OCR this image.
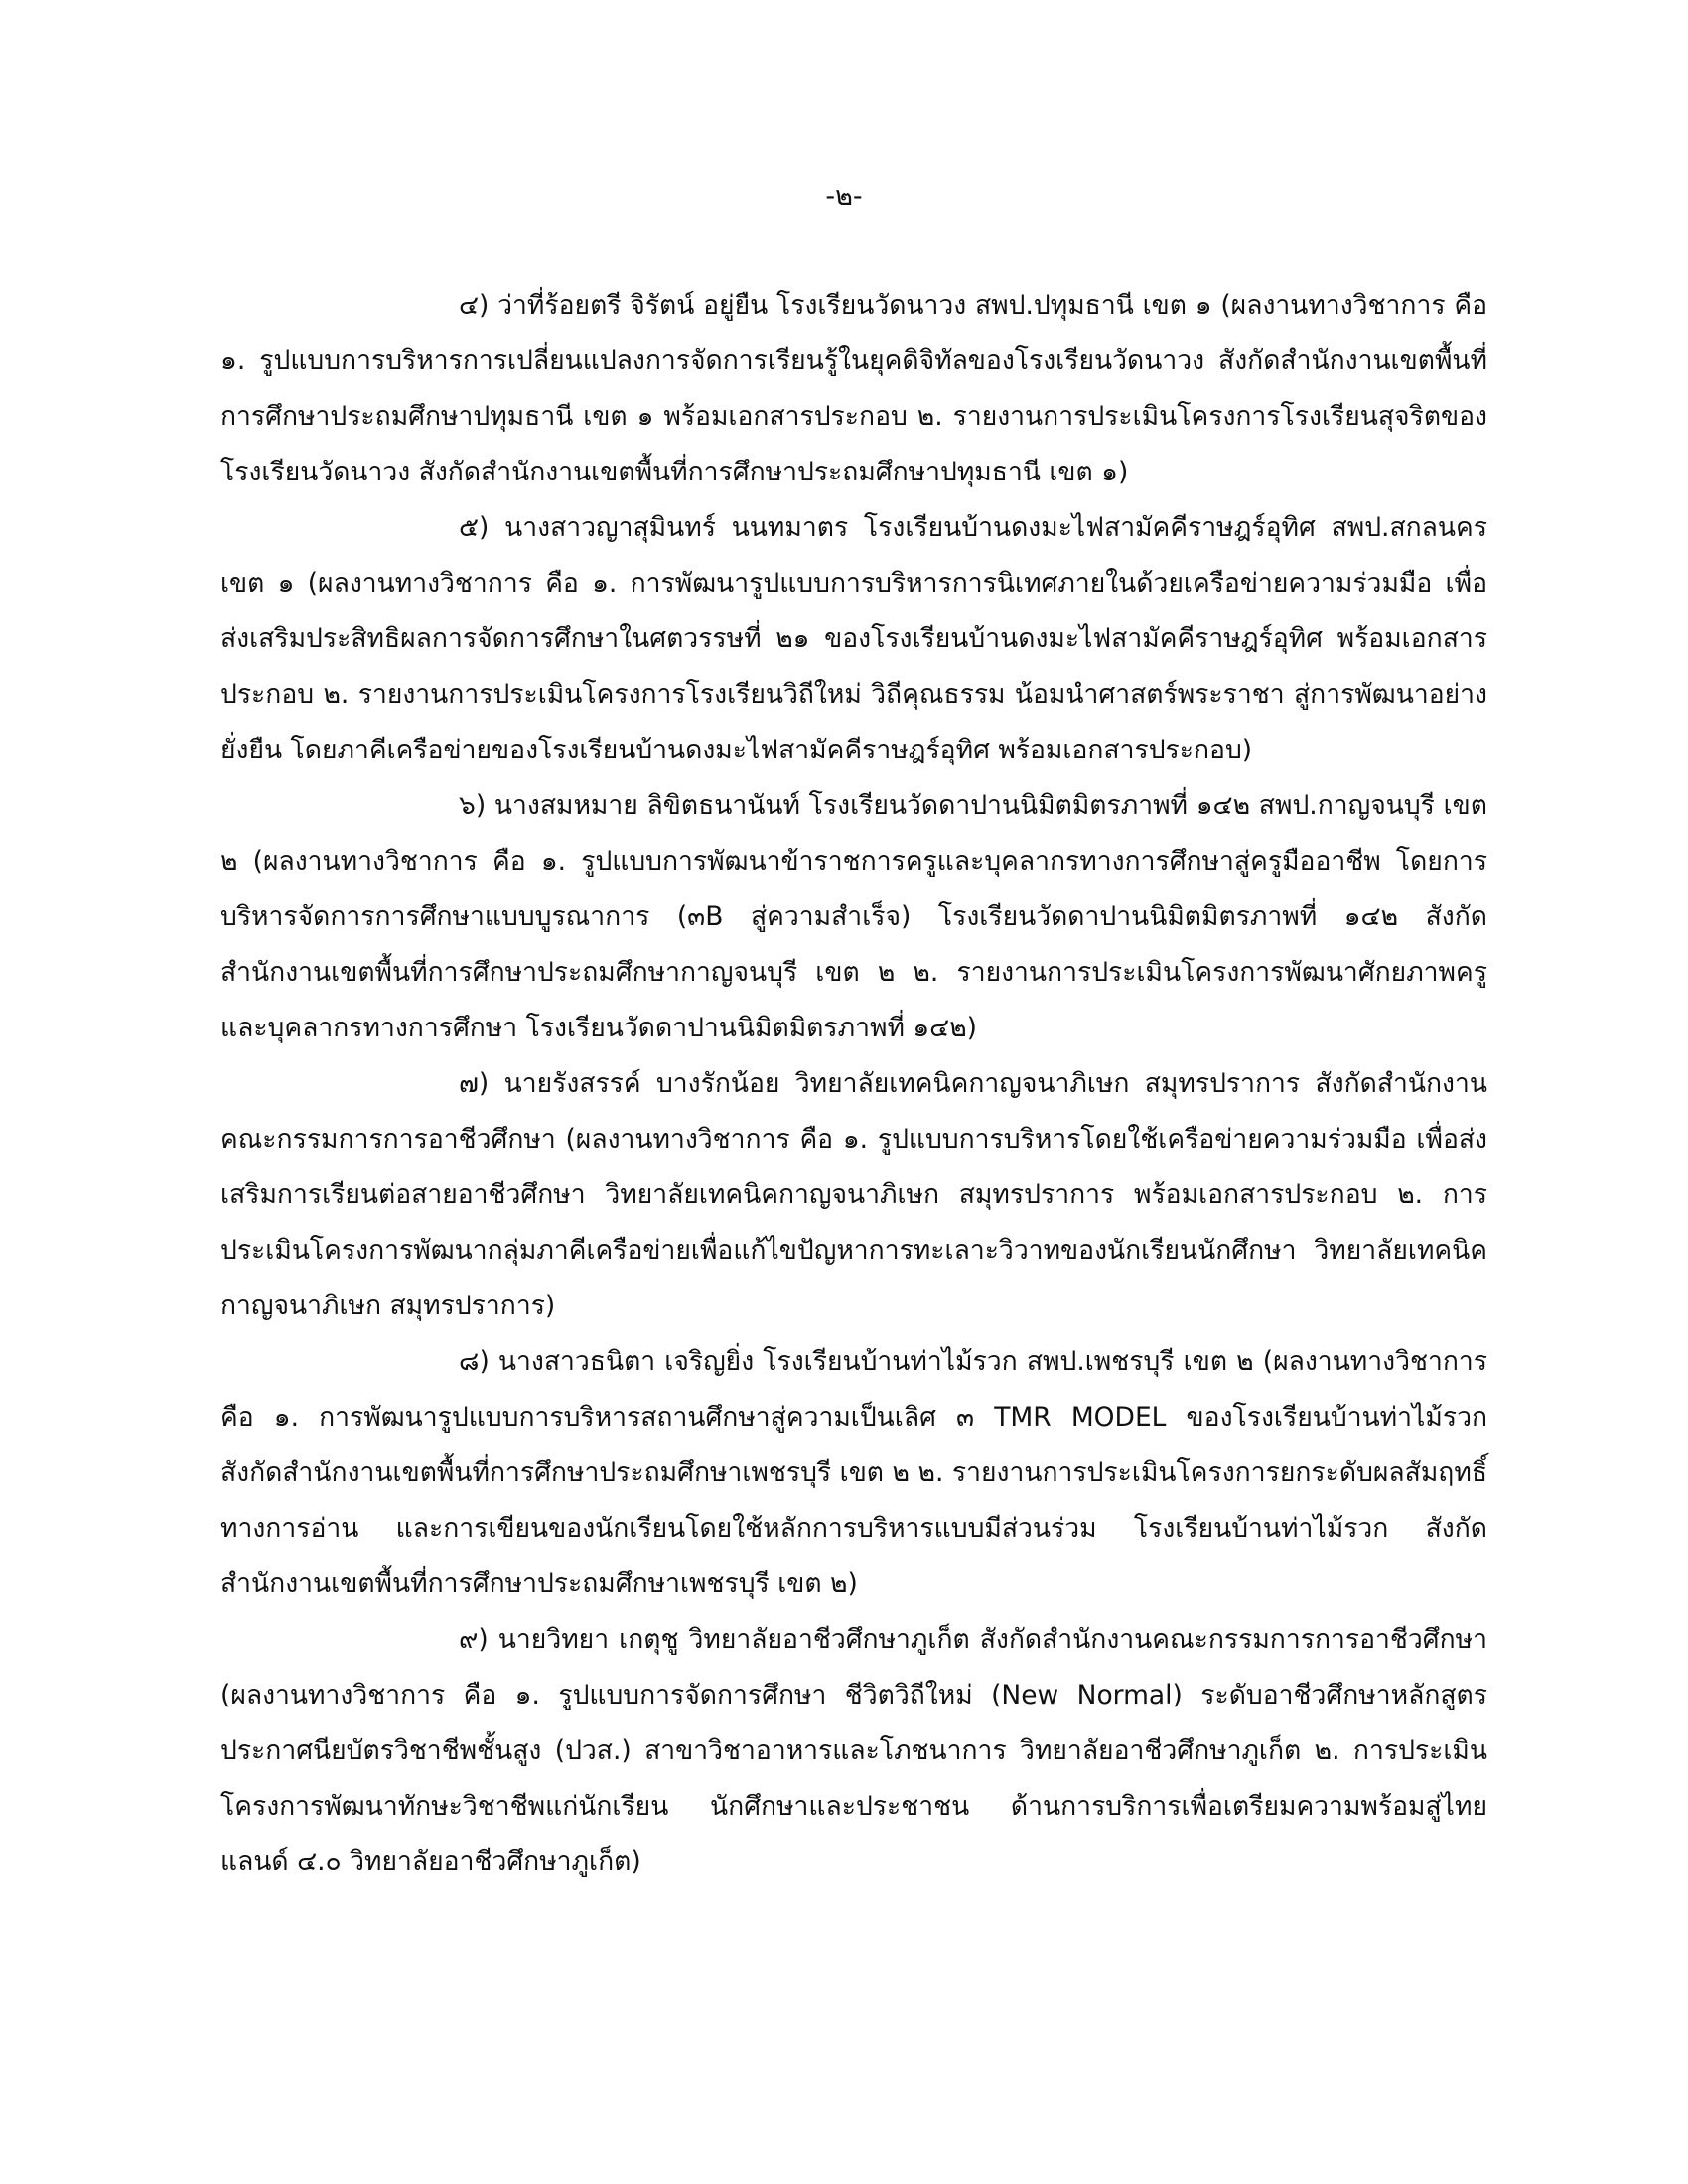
-๒-

๔) ว่าที่ร้อยตรี จิรัตน์ อยู่ยืน โรงเรียนวัดนาวง สพป.ปทุมธานี เขต ๑ (ผลงานทางวิชาการ คือ ๑. รูปแบบการบริหารการเปลี่ยนแปลงการจัดการเรียนรู้ในยุคดิจิทัลของโรงเรียนวัดนาวง สังกัดสำนักงานเขตพื้นที่การศึกษาประถมศึกษาปทุมธานี เขต ๑ พร้อมเอกสารประกอบ ๒. รายงานการประเมินโครงการโรงเรียนสุจริตของโรงเรียนวัดนาวง สังกัดสำนักงานเขตพื้นที่การศึกษาประถมศึกษาปทุมธานี เขต ๑)

๕) นางสาวญาสุมินทร์ นนทมาตร โรงเรียนบ้านดงมะไฟสามัคคีราษฎร์อุทิศ สพป.สกลนคร เขต ๑ (ผลงานทางวิชาการ คือ ๑. การพัฒนารูปแบบการบริหารการนิเทศภายในด้วยเครือข่ายความร่วมมือ เพื่อส่งเสริมประสิทธิผลการจัดการศึกษาในศตวรรษที่ ๒๑ ของโรงเรียนบ้านดงมะไฟสามัคคีราษฎร์อุทิศ พร้อมเอกสารประกอบ ๒. รายงานการประเมินโครงการโรงเรียนวิถีใหม่ วิถีคุณธรรม น้อมนำศาสตร์พระราชา สู่การพัฒนาอย่างยั่งยืน โดยภาคีเครือข่ายของโรงเรียนบ้านดงมะไฟสามัคคีราษฎร์อุทิศ พร้อมเอกสารประกอบ)

๖) นางสมหมาย ลิขิตธนานันท์ โรงเรียนวัดดาปานนิมิตมิตรภาพที่ ๑๔๒ สพป.กาญจนบุรี เขต ๒ (ผลงานทางวิชาการ คือ ๑. รูปแบบการพัฒนาข้าราชการครูและบุคลากรทางการศึกษาสู่ครูมืออาชีพ โดยการบริหารจัดการการศึกษาแบบบูรณาการ (๓B สู่ความสำเร็จ) โรงเรียนวัดดาปานนิมิตมิตรภาพที่ ๑๔๒ สังกัดสำนักงานเขตพื้นที่การศึกษาประถมศึกษากาญจนบุรี เขต ๒ ๒. รายงานการประเมินโครงการพัฒนาศักยภาพครูและบุคลากรทางการศึกษา โรงเรียนวัดดาปานนิมิตมิตรภาพที่ ๑๔๒)

๗) นายรังสรรค์ บางรักน้อย วิทยาลัยเทคนิคกาญจนาภิเษก สมุทรปราการ สังกัดสำนักงานคณะกรรมการการอาชีวศึกษา (ผลงานทางวิชาการ คือ ๑. รูปแบบการบริหารโดยใช้เครือข่ายความร่วมมือ เพื่อส่งเสริมการเรียนต่อสายอาชีวศึกษา วิทยาลัยเทคนิคกาญจนาภิเษก สมุทรปราการ พร้อมเอกสารประกอบ ๒. การประเมินโครงการพัฒนากลุ่มภาคีเครือข่ายเพื่อแก้ไขปัญหาการทะเลาะวิวาทของนักเรียนนักศึกษา วิทยาลัยเทคนิคกาญจนาภิเษก สมุทรปราการ)

๘) นางสาวธนิตา เจริญยิ่ง โรงเรียนบ้านท่าไม้รวก สพป.เพชรบุรี เขต ๒ (ผลงานทางวิชาการ คือ ๑. การพัฒนารูปแบบการบริหารสถานศึกษาสู่ความเป็นเลิศ ๓ TMR MODEL ของโรงเรียนบ้านท่าไม้รวก สังกัดสำนักงานเขตพื้นที่การศึกษาประถมศึกษาเพชรบุรี เขต ๒ ๒. รายงานการประเมินโครงการยกระดับผลสัมฤทธิ์ทางการอ่าน และการเขียนของนักเรียนโดยใช้หลักการบริหารแบบมีส่วนร่วม โรงเรียนบ้านท่าไม้รวก สังกัดสำนักงานเขตพื้นที่การศึกษาประถมศึกษาเพชรบุรี เขต ๒)

๙) นายวิทยา เกตุชู วิทยาลัยอาชีวศึกษาภูเก็ต สังกัดสำนักงานคณะกรรมการการอาชีวศึกษา (ผลงานทางวิชาการ คือ ๑. รูปแบบการจัดการศึกษา ชีวิตวิถีใหม่ (New Normal) ระดับอาชีวศึกษาหลักสูตรประกาศนียบัตรวิชาชีพชั้นสูง (ปวส.) สาขาวิชาอาหารและโภชนาการ วิทยาลัยอาชีวศึกษาภูเก็ต ๒. การประเมินโครงการพัฒนาทักษะวิชาชีพแก่นักเรียน นักศึกษาและประชาชน ด้านการบริการเพื่อเตรียมความพร้อมสู่ไทยแลนด์ ๔.๐ วิทยาลัยอาชีวศึกษาภูเก็ต)
